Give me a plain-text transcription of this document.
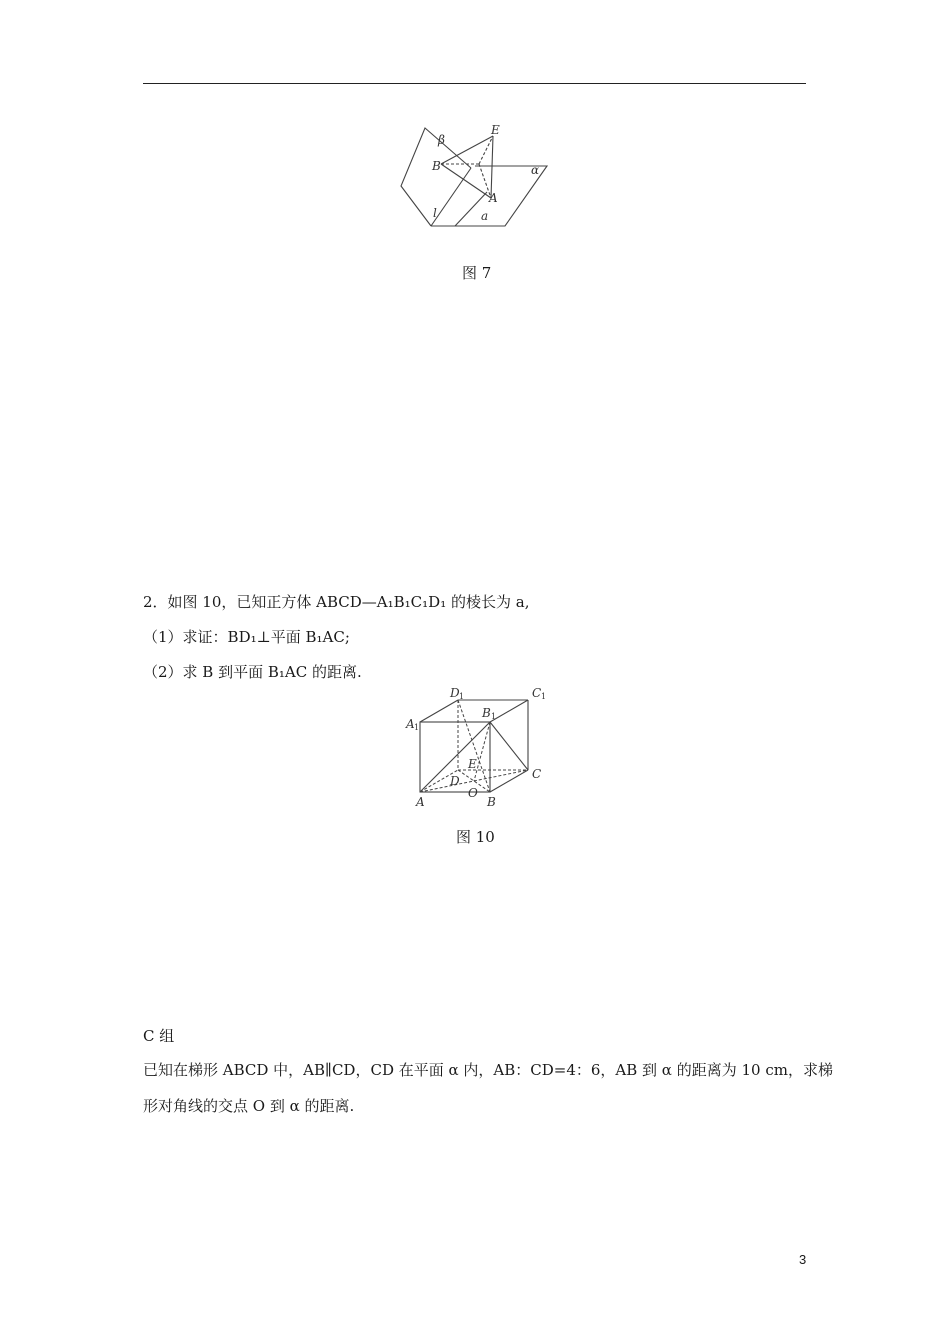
β
E
B	α
A
l	a
图 7
2．如图 10，已知正方体 ABCD—A₁B₁C₁D₁ 的棱长为 a,
（1）求证：BD₁⊥平面 B₁AC;
（2）求 B 到平面 B₁AC 的距离.
D 1	C 1
A 1
B 1
E
D	C
A
O
B
图 10
C 组
已知在梯形 ABCD 中，AB∥CD，CD 在平面 α 内，AB：CD=4：6，AB 到 α 的距离为 10 cm，求梯
形对角线的交点 O 到 α 的距离.
3
